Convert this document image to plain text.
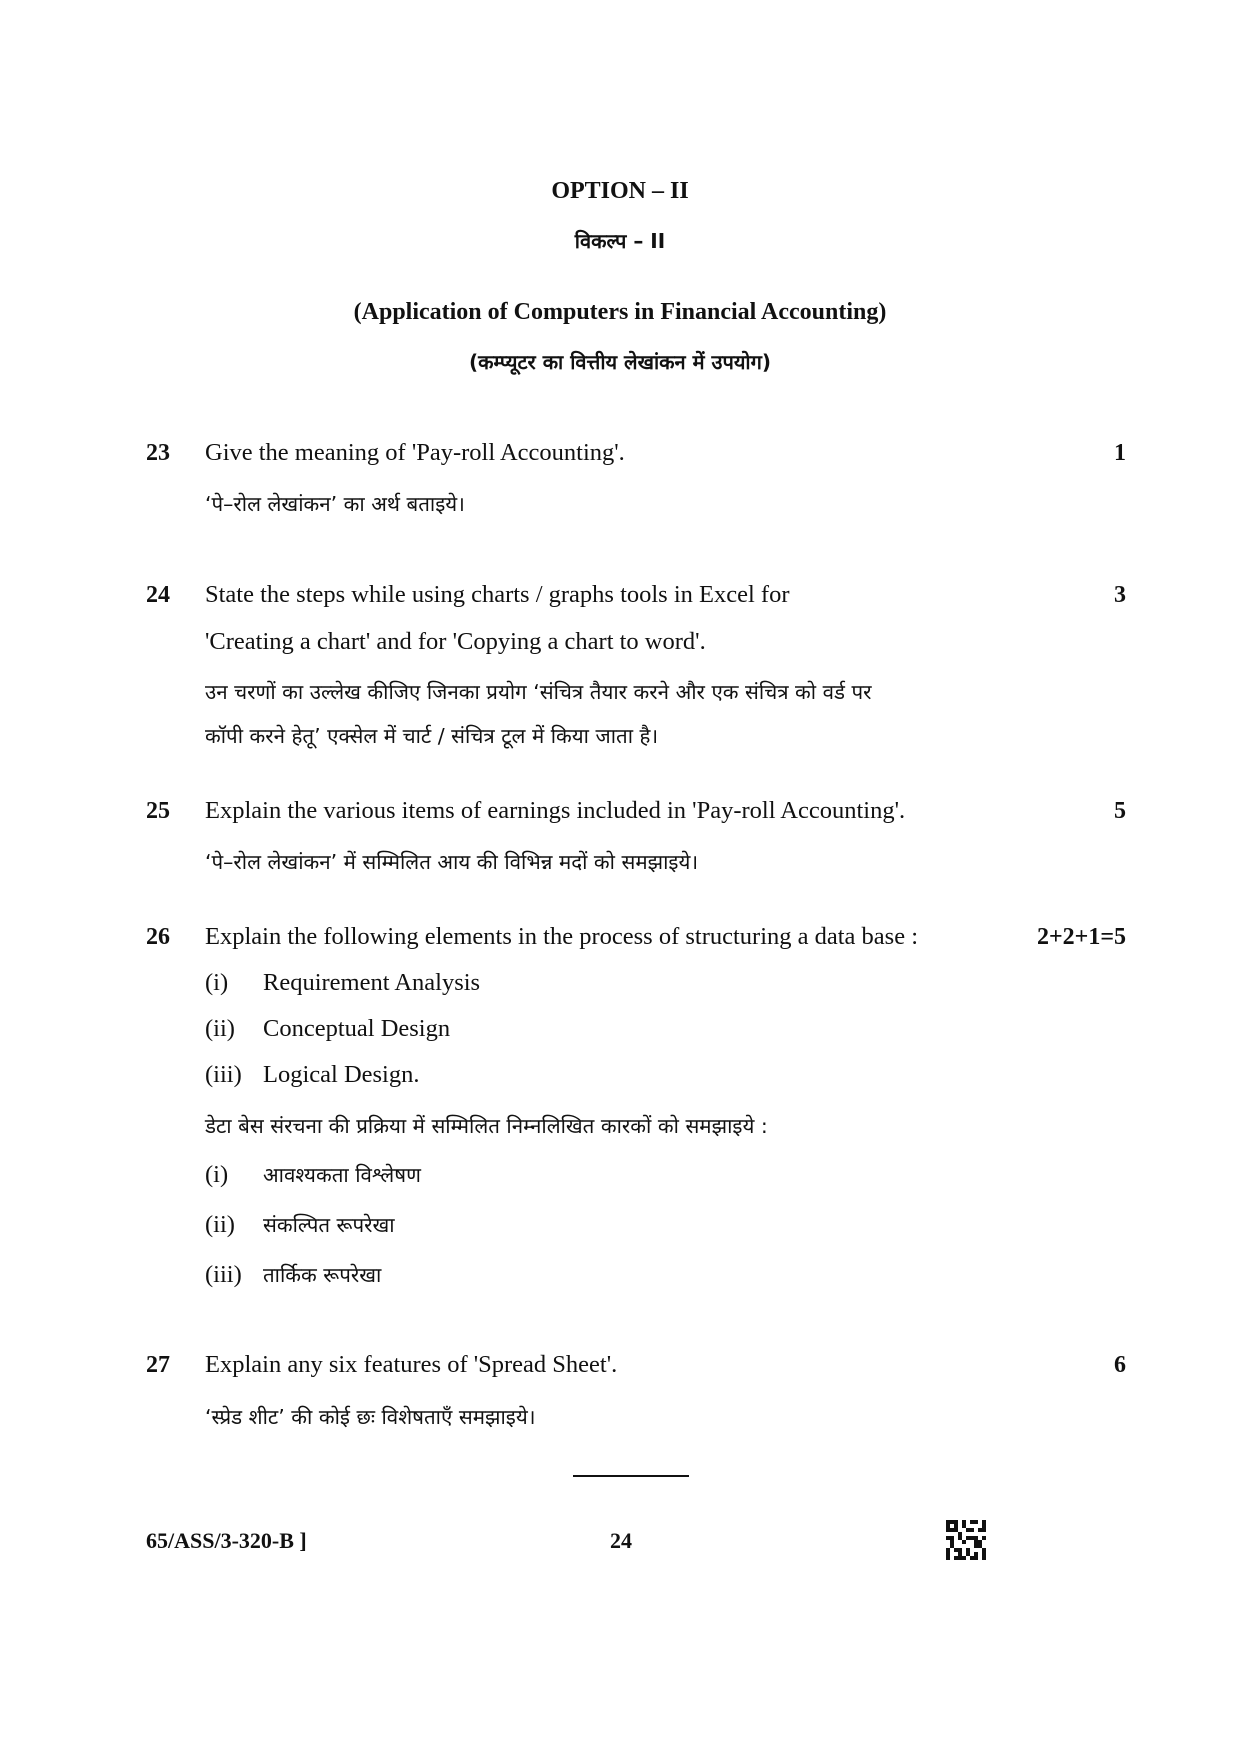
OPTION – II
विकल्प – II
(Application of Computers in Financial Accounting)
(कम्प्यूटर का वित्तीय लेखांकन में उपयोग)
23 Give the meaning of 'Pay-roll Accounting'.	1
‘पे–रोल लेखांकन’ का अर्थ बताइये।
24 State the steps while using charts / graphs tools in Excel for	3
'Creating a chart' and for 'Copying a chart to word'.
उन चरणों का उल्लेख कीजिए जिनका प्रयोग ‘संचित्र तैयार करने और एक संचित्र को वर्ड पर
कॉपी करने हेतू’ एक्सेल में चार्ट / संचित्र टूल में किया जाता है।
25 Explain the various items of earnings included in 'Pay-roll Accounting'.	5
‘पे–रोल लेखांकन’ में सम्मिलित आय की विभिन्न मदों को समझाइये।
26 Explain the following elements in the process of structuring a data base :	2+2+1=5
(i) Requirement Analysis
(ii) Conceptual Design
(iii) Logical Design.
डेटा बेस संरचना की प्रक्रिया में सम्मिलित निम्नलिखित कारकों को समझाइये :
(i) आवश्यकता विश्लेषण
(ii) संकल्पित रूपरेखा
(iii) तार्किक रूपरेखा
27 Explain any six features of 'Spread Sheet'.	6
‘स्प्रेड शीट’ की कोई छः विशेषताएँ समझाइये।
65/ASS/3-320-B ]	24
